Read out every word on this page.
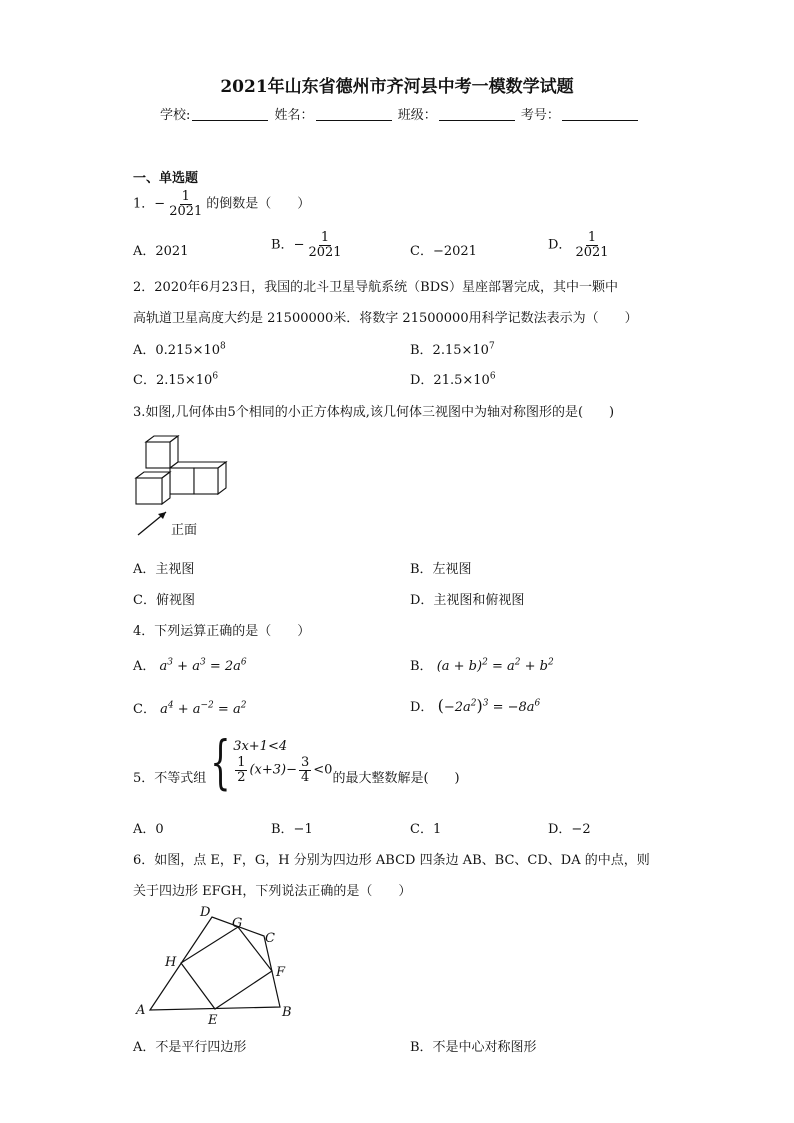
2021年山东省德州市齐河县中考一模数学试题
学校:	姓名：	班级：	考号：
一、单选题
1．− $\frac{1}{2021}$ 的倒数是（　　）
A．2021	B．− $\frac{1}{2021}$	C．−2021	D． $\frac{1}{2021}$
2．2020年6月23日，我国的北斗卫星导航系统（BDS）星座部署完成，其中一颗中
高轨道卫星高度大约是 21500000米．将数字 21500000用科学记数法表示为（　　）
A．$0.215\times 10^8$	B．$2.15\times 10^7$
C．$2.15\times 10^6$	D．$21.5\times 10^6$
3.如图,几何体由5个相同的小正方体构成,该几何体三视图中为轴对称图形的是(　　)
正面
A．主视图	B．左视图
C．俯视图	D．主视图和俯视图
4．下列运算正确的是（　　）
A． $a^3 + a^3 = 2a^6$	B． $(a + b)^2 = a^2 + b^2$
C． $a^4 + a^{-2} = a^2$	D． $(-2a^2)^3 = -8a^6$
5．不等式组 { 3x+1<4
$\frac{1}{2} (x+3)- \frac{3}{4} <0$ 的最大整数解是(　　)
A．0	B．−1	C．1	D．−2
6．如图，点 E，F，G，H 分别为四边形 ABCD 四条边 AB、BC、CD、DA 的中点，则
关于四边形 EFGH，下列说法正确的是（　　）
A	B
C
D
E
F
G
H
A．不是平行四边形	B．不是中心对称图形
